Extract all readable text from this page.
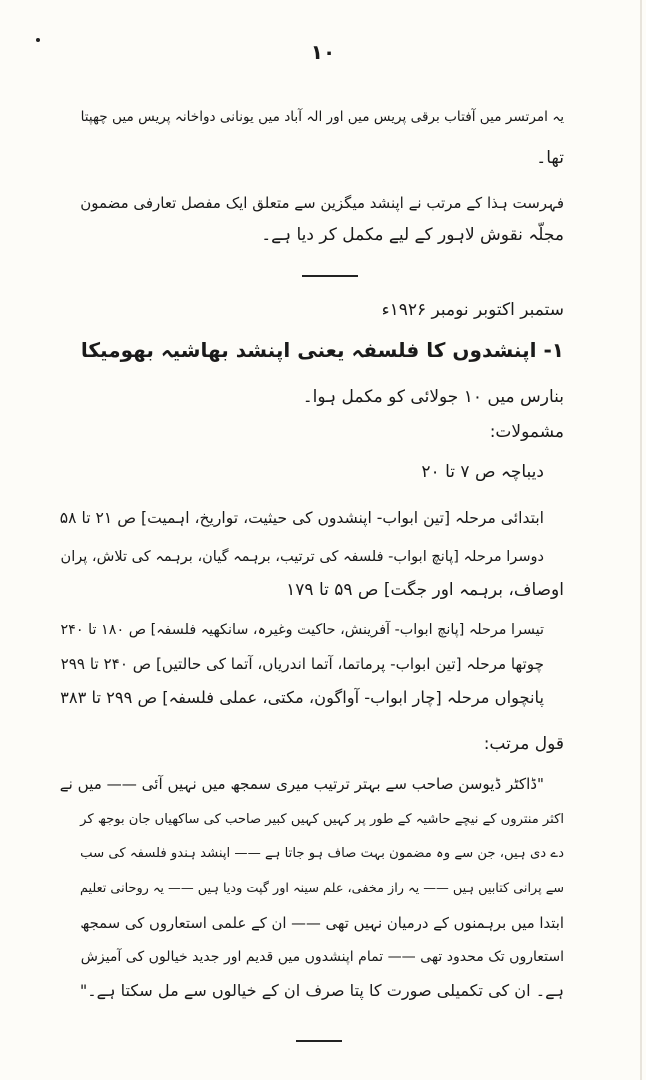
۱۰
یہ امرتسر میں آفتاب برقی پریس میں اور الہ آباد میں یونانی دواخانہ پریس میں چھپتا
تھا۔
فہرست ہذا کے مرتب نے اپنشد میگزین سے متعلق ایک مفصل تعارفی مضمون
مجلّہ نقوش لاہور کے لیے مکمل کر دیا ہے۔
ستمبر اکتوبر نومبر ۱۹۲۶ء
۱- اپنشدوں کا فلسفہ یعنی اپنشد بھاشیہ بھومیکا
بنارس میں ۱۰ جولائی کو مکمل ہوا۔
مشمولات:
دیباچہ ص ۷ تا ۲۰
ابتدائی مرحلہ [تین ابواب- اپنشدوں کی حیثیت، تواریخ، اہمیت] ص ۲۱ تا ۵۸
دوسرا مرحلہ [پانچ ابواب- فلسفہ کی ترتیب، برہمہ گیان، برہمہ کی تلاش، پران
اوصاف، برہمہ اور جگت] ص ۵۹ تا ۱۷۹
تیسرا مرحلہ [پانچ ابواب- آفرینش، حاکیت وغیرہ، سانکھیہ فلسفہ] ص ۱۸۰ تا ۲۴۰
چوتھا مرحلہ [تین ابواب- پرماتما، آتما اندریاں، آتما کی حالتیں] ص ۲۴۰ تا ۲۹۹
پانچواں مرحلہ [چار ابواب- آواگون، مکتی، عملی فلسفہ] ص ۲۹۹ تا ۳۸۳
قول مرتب:
"ڈاکٹر ڈیوسن صاحب سے بہتر ترتیب میری سمجھ میں نہیں آئی —— میں نے
اکثر منتروں کے نیچے حاشیہ کے طور پر کہیں کہیں کبیر صاحب کی ساکھیاں جان بوجھ کر
دے دی ہیں، جن سے وہ مضمون بہت صاف ہو جاتا ہے —— اپنشد ہندو فلسفہ کی سب
سے پرانی کتابیں ہیں —— یہ راز مخفی، علم سینہ اور گپت ودیا ہیں —— یہ روحانی تعلیم
ابتدا میں برہمنوں کے درمیان نہیں تھی —— ان کے علمی استعاروں کی سمجھ
استعاروں تک محدود تھی —— تمام اپنشدوں میں قدیم اور جدید خیالوں کی آمیزش
ہے۔ ان کی تکمیلی صورت کا پتا صرف ان کے خیالوں سے مل سکتا ہے۔"
